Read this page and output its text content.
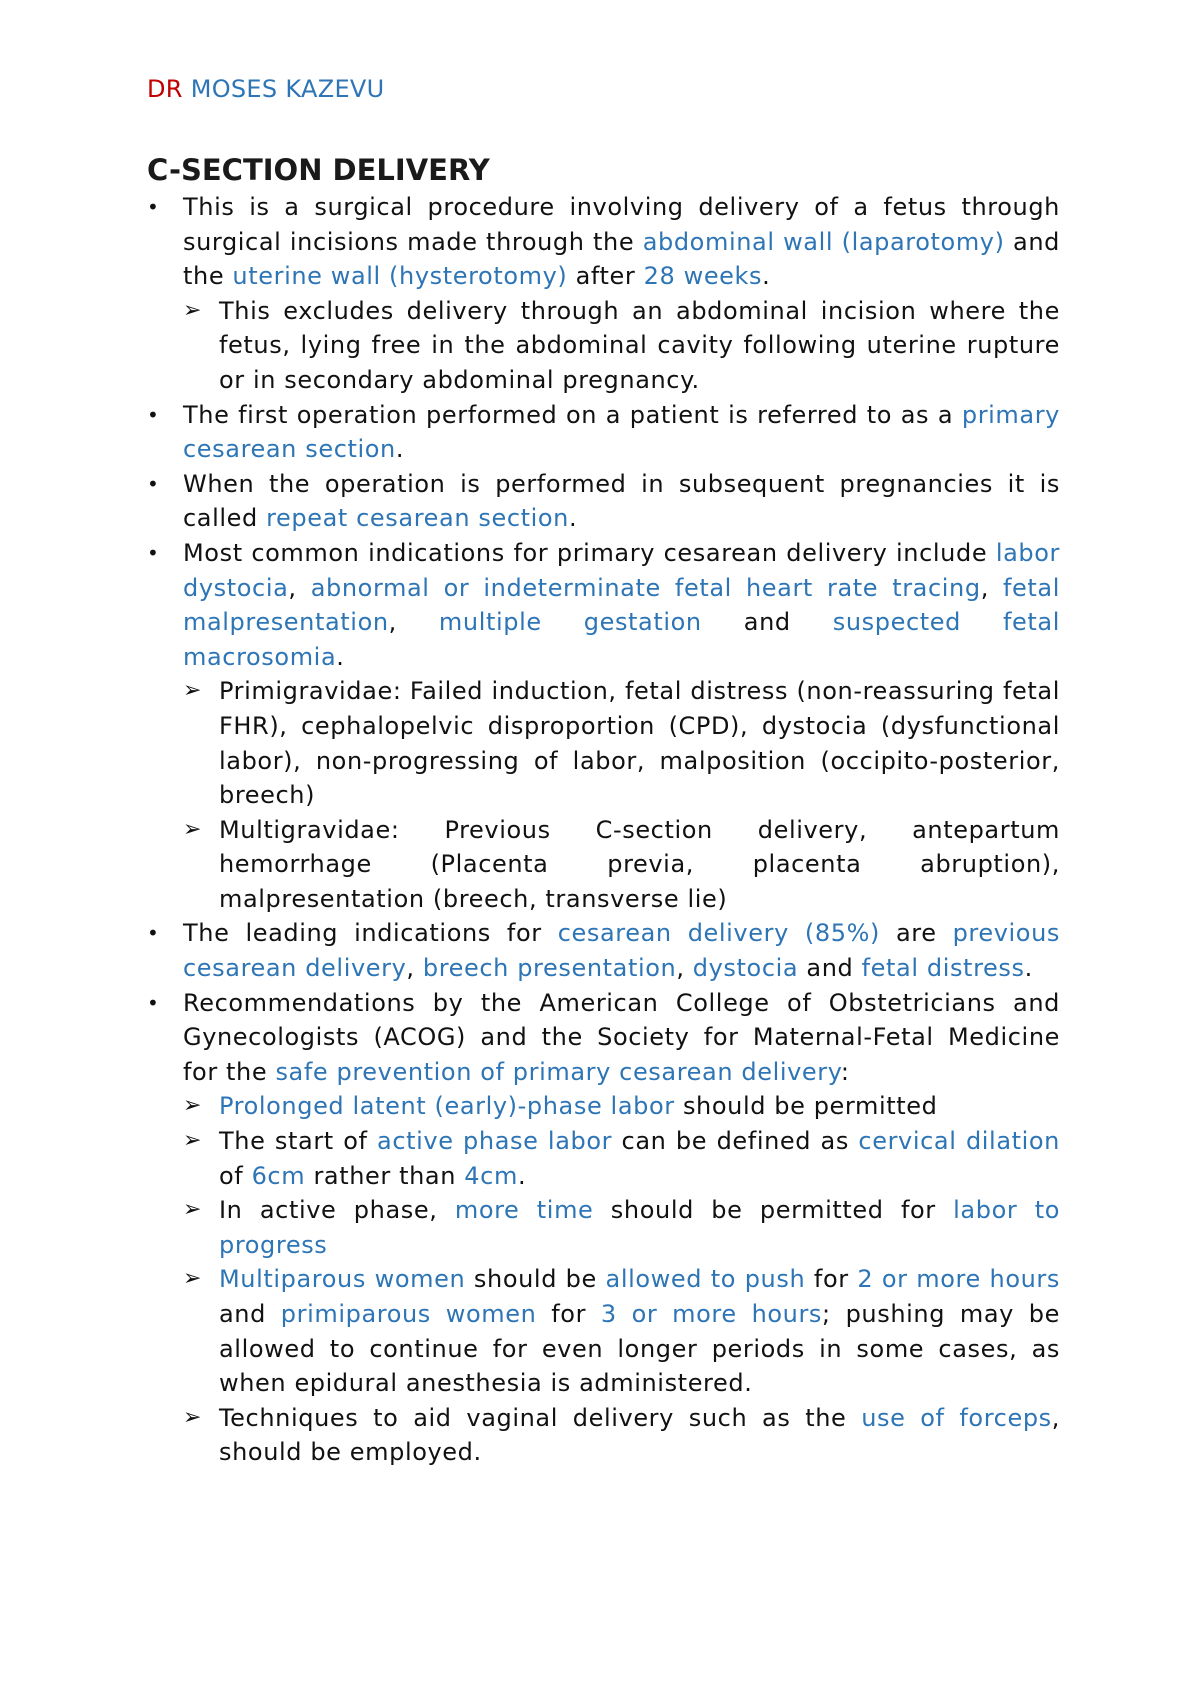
DR MOSES KAZEVU
C-SECTION DELIVERY
• This is a surgical procedure involving delivery of a fetus through surgical incisions made through the abdominal wall (laparotomy) and the uterine wall (hysterotomy) after 28 weeks.
➢ This excludes delivery through an abdominal incision where the fetus, lying free in the abdominal cavity following uterine rupture or in secondary abdominal pregnancy.
• The first operation performed on a patient is referred to as a primary cesarean section.
• When the operation is performed in subsequent pregnancies it is called repeat cesarean section.
• Most common indications for primary cesarean delivery include labor dystocia, abnormal or indeterminate fetal heart rate tracing, fetal malpresentation, multiple gestation and suspected fetal macrosomia.
➢ Primigravidae: Failed induction, fetal distress (non-reassuring fetal FHR), cephalopelvic disproportion (CPD), dystocia (dysfunctional labor), non-progressing of labor, malposition (occipito-posterior, breech)
➢ Multigravidae: Previous C-section delivery, antepartum hemorrhage (Placenta previa, placenta abruption), malpresentation (breech, transverse lie)
• The leading indications for cesarean delivery (85%) are previous cesarean delivery, breech presentation, dystocia and fetal distress.
• Recommendations by the American College of Obstetricians and Gynecologists (ACOG) and the Society for Maternal-Fetal Medicine for the safe prevention of primary cesarean delivery:
➢ Prolonged latent (early)-phase labor should be permitted
➢ The start of active phase labor can be defined as cervical dilation of 6cm rather than 4cm.
➢ In active phase, more time should be permitted for labor to progress
➢ Multiparous women should be allowed to push for 2 or more hours and primiparous women for 3 or more hours; pushing may be allowed to continue for even longer periods in some cases, as when epidural anesthesia is administered.
➢ Techniques to aid vaginal delivery such as the use of forceps, should be employed.
